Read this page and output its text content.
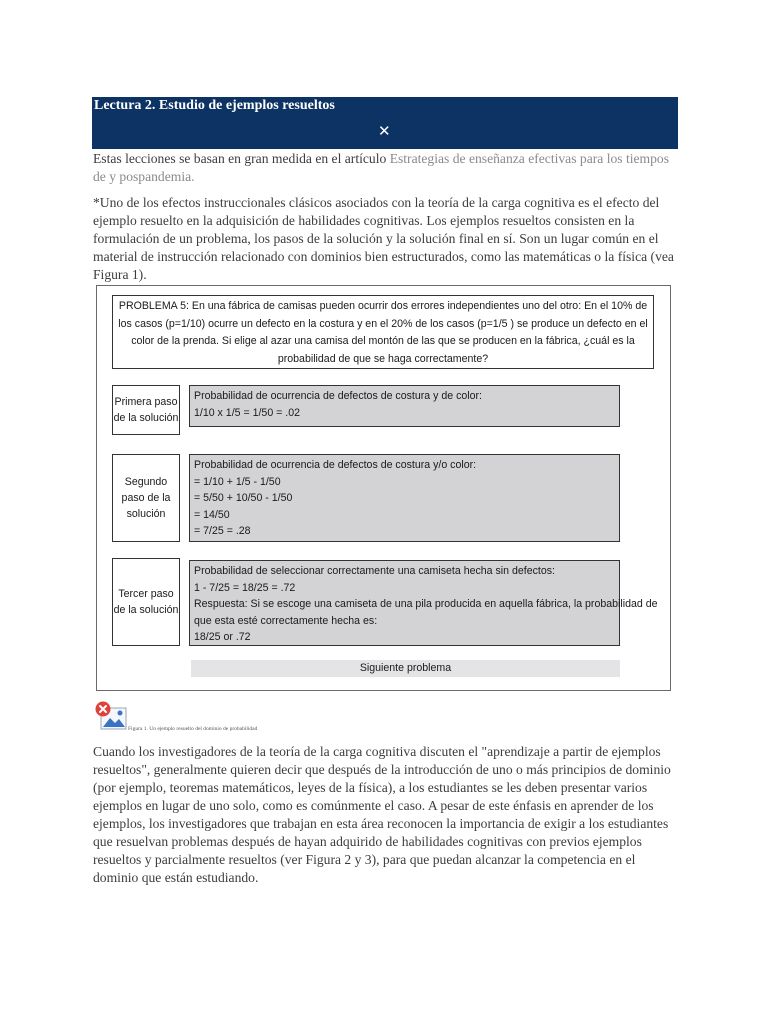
Lectura 2. Estudio de ejemplos resueltos
✕

Estas lecciones se basan en gran medida en el artículo Estrategias de enseñanza efectivas para los tiempos de y pospandemia.

*Uno de los efectos instruccionales clásicos asociados con la teoría de la carga cognitiva es el efecto del ejemplo resuelto en la adquisición de habilidades cognitivas. Los ejemplos resueltos consisten en la formulación de un problema, los pasos de la solución y la solución final en sí. Son un lugar común en el material de instrucción relacionado con dominios bien estructurados, como las matemáticas o la física (vea Figura 1).

PROBLEMA 5: En una fábrica de camisas pueden ocurrir dos errores independientes uno del otro: En el 10% de los casos (p=1/10) ocurre un defecto en la costura y en el 20% de los casos (p=1/5 ) se produce un defecto en el color de la prenda. Si elige al azar una camisa del montón de las que se producen en la fábrica, ¿cuál es la probabilidad de que se haga correctamente?
Primera paso de la solución
Probabilidad de ocurrencia de defectos de costura y de color:
1/10 x 1/5 = 1/50 = .02
Segundo paso de la solución
Probabilidad de ocurrencia de defectos de costura y/o color:
= 1/10 + 1/5 - 1/50
= 5/50 + 10/50 - 1/50
= 14/50
= 7/25 = .28
Tercer paso de la solución
Probabilidad de seleccionar correctamente una camiseta hecha sin defectos:
1 - 7/25 = 18/25 = .72
Respuesta: Si se escoge una camiseta de una pila producida en aquella fábrica, la probabilidad de
que esta esté correctamente hecha es:
18/25 or .72
Siguiente problema
Figura 1. Un ejemplo resuelto del dominio de probabilidad

Cuando los investigadores de la teoría de la carga cognitiva discuten el "aprendizaje a partir de ejemplos resueltos", generalmente quieren decir que después de la introducción de uno o más principios de dominio (por ejemplo, teoremas matemáticos, leyes de la física), a los estudiantes se les deben presentar varios ejemplos en lugar de uno solo, como es comúnmente el caso. A pesar de este énfasis en aprender de los ejemplos, los investigadores que trabajan en esta área reconocen la importancia de exigir a los estudiantes que resuelvan problemas después de hayan adquirido de habilidades cognitivas con previos ejemplos resueltos y parcialmente resueltos (ver Figura 2 y 3), para que puedan alcanzar la competencia en el dominio que están estudiando.
